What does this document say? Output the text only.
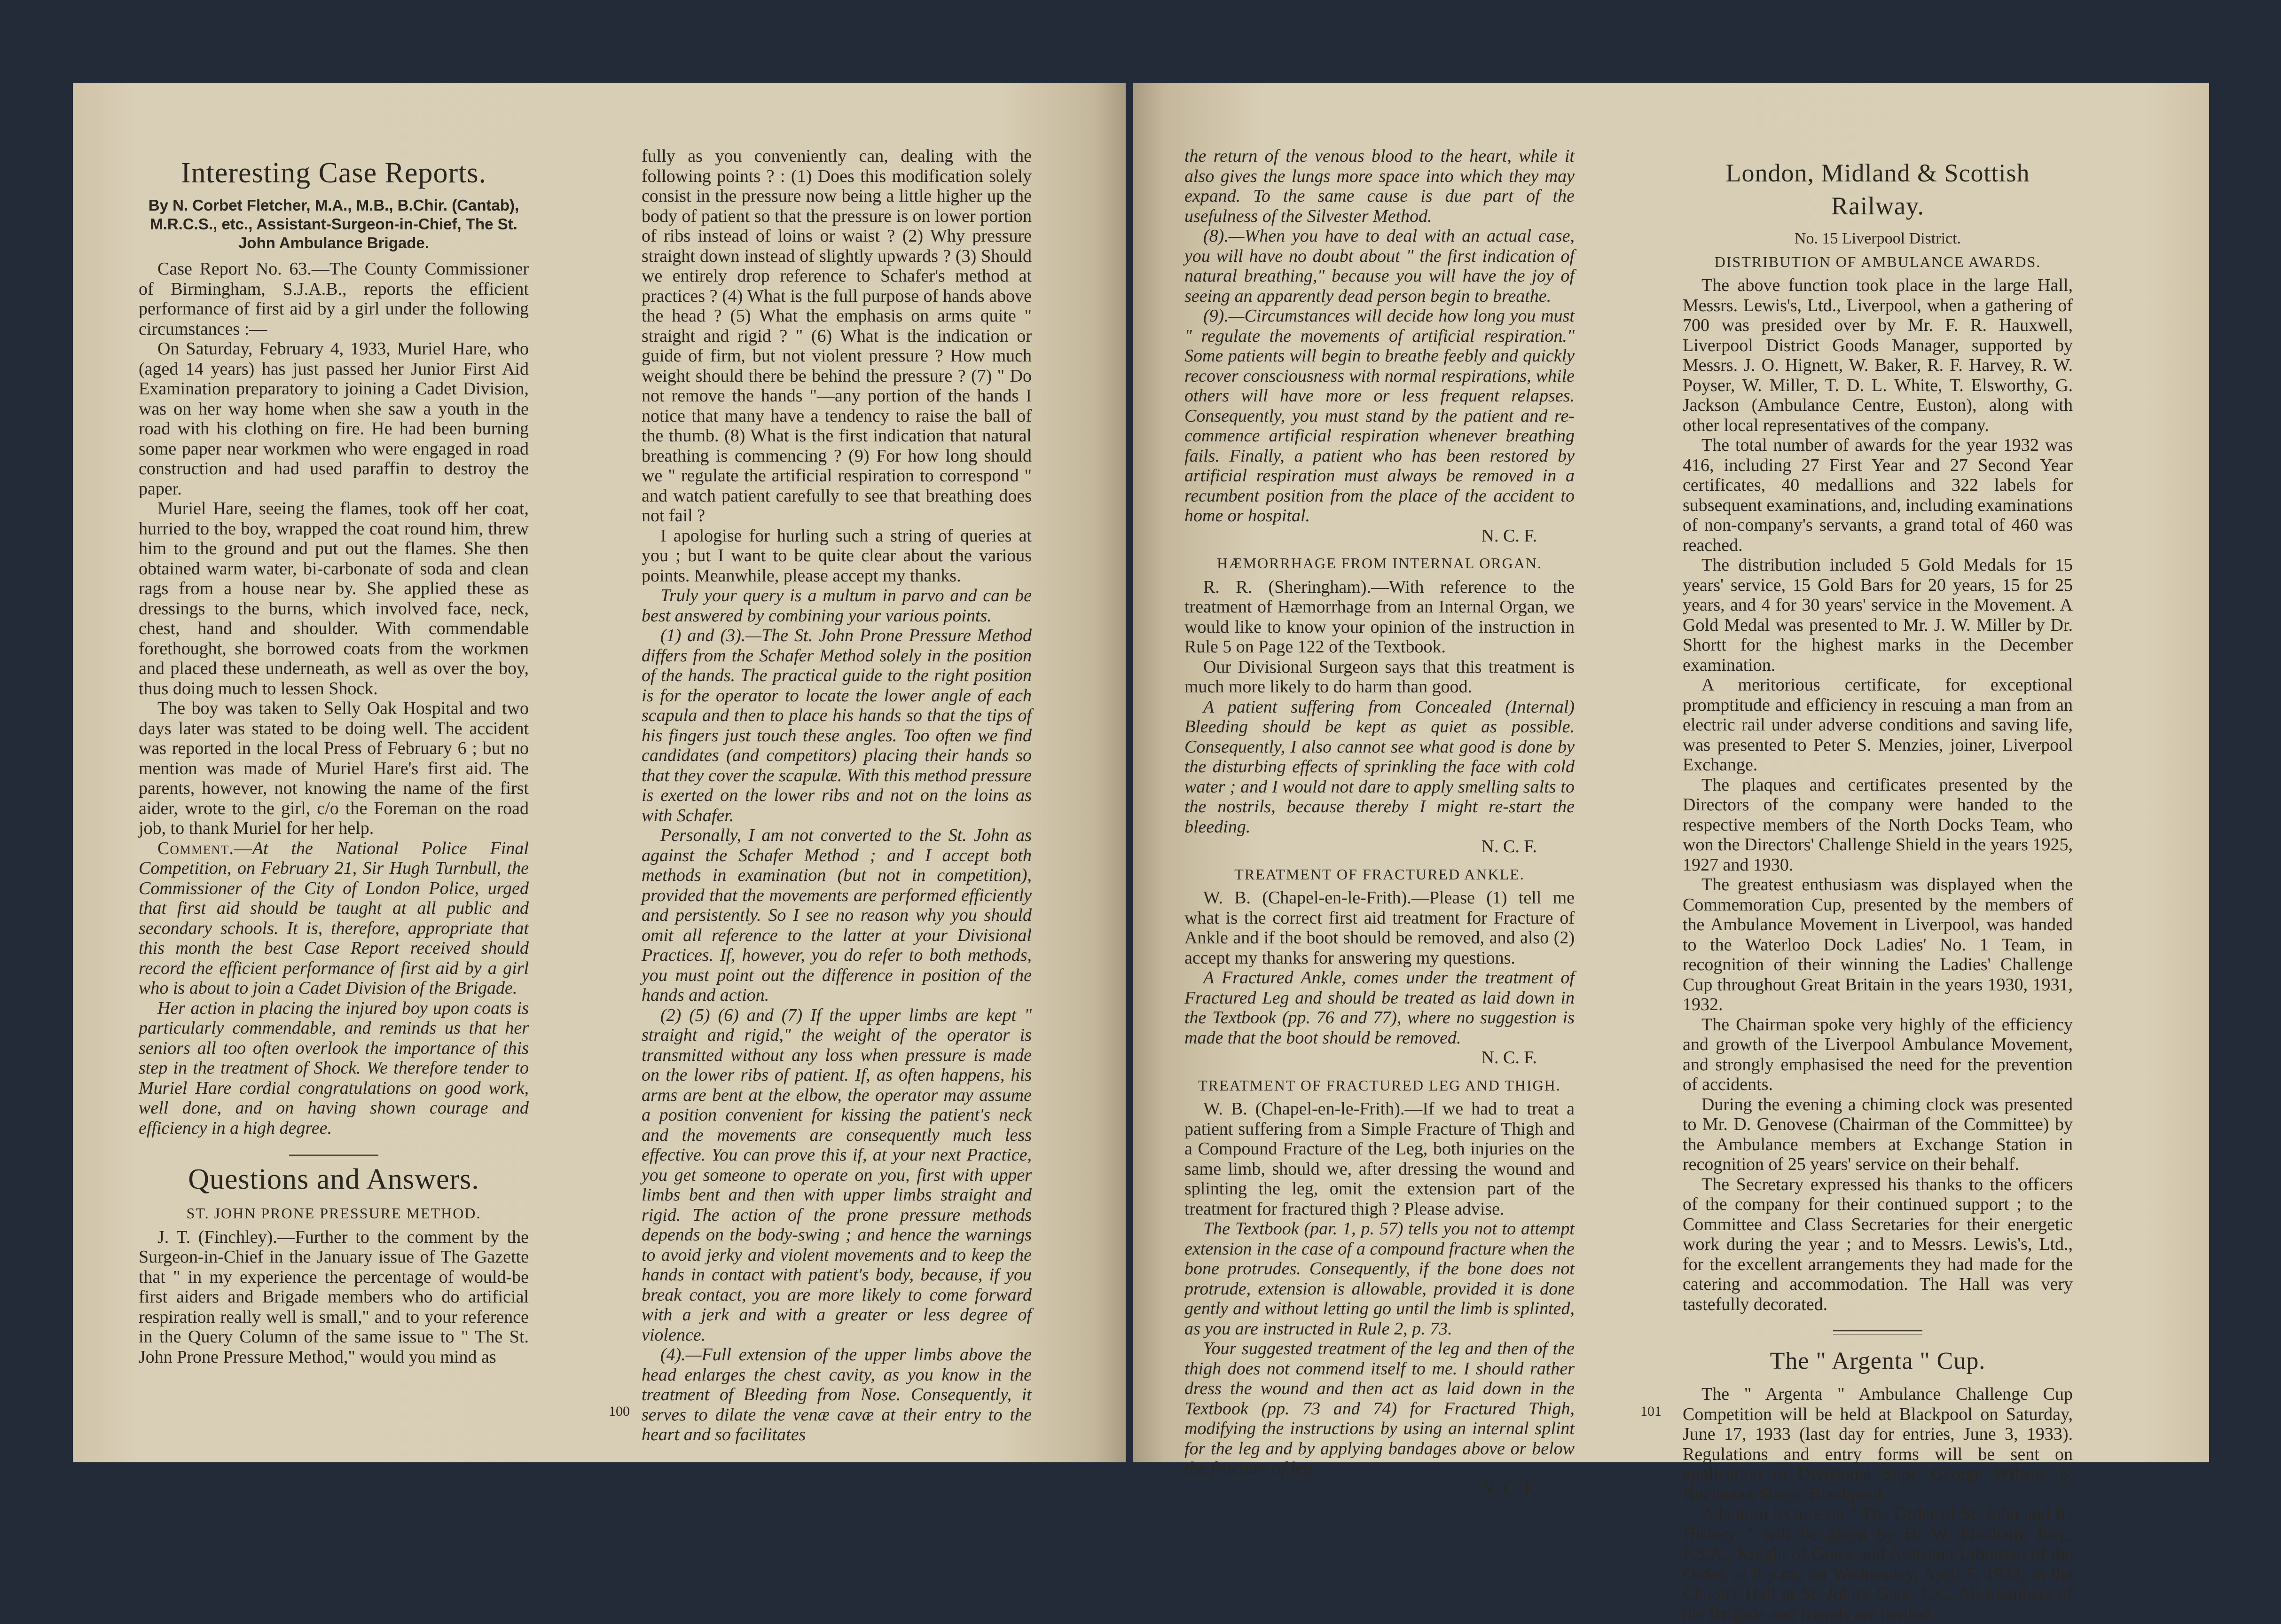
Interesting Case Reports.
By N. Corbet Fletcher, M.A., M.B., B.Chir. (Cantab), M.R.C.S., etc., Assistant-Surgeon-in-Chief, The St. John Ambulance Brigade.

Case Report No. 63.—The County Commissioner of Birmingham, S.J.A.B., reports the efficient performance of first aid by a girl under the following circumstances :—

On Saturday, February 4, 1933, Muriel Hare, who (aged 14 years) has just passed her Junior First Aid Examination preparatory to joining a Cadet Division, was on her way home when she saw a youth in the road with his clothing on fire. He had been burning some paper near workmen who were engaged in road construction and had used paraffin to destroy the paper.

Muriel Hare, seeing the flames, took off her coat, hurried to the boy, wrapped the coat round him, threw him to the ground and put out the flames. She then obtained warm water, bi-carbonate of soda and clean rags from a house near by. She applied these as dressings to the burns, which involved face, neck, chest, hand and shoulder. With commendable forethought, she borrowed coats from the workmen and placed these underneath, as well as over the boy, thus doing much to lessen Shock.

The boy was taken to Selly Oak Hospital and two days later was stated to be doing well. The accident was reported in the local Press of February 6 ; but no mention was made of Muriel Hare's first aid. The parents, however, not knowing the name of the first aider, wrote to the girl, c/o the Foreman on the road job, to thank Muriel for her help.

Comment.—At the National Police Final Competition, on February 21, Sir Hugh Turnbull, the Commissioner of the City of London Police, urged that first aid should be taught at all public and secondary schools. It is, therefore, appropriate that this month the best Case Report received should record the efficient performance of first aid by a girl who is about to join a Cadet Division of the Brigade.

Her action in placing the injured boy upon coats is particularly commendable, and reminds us that her seniors all too often overlook the importance of this step in the treatment of Shock. We therefore tender to Muriel Hare cordial congratulations on good work, well done, and on having shown courage and efficiency in a high degree.

Questions and Answers.
ST. JOHN PRONE PRESSURE METHOD.

J. T. (Finchley).—Further to the comment by the Surgeon-in-Chief in the January issue of The Gazette that " in my experience the percentage of would-be first aiders and Brigade members who do artificial respiration really well is small," and to your reference in the Query Column of the same issue to " The St. John Prone Pressure Method," would you mind as

fully as you conveniently can, dealing with the following points ? : (1) Does this modification solely consist in the pressure now being a little higher up the body of patient so that the pressure is on lower portion of ribs instead of loins or waist ? (2) Why pressure straight down instead of slightly upwards ? (3) Should we entirely drop reference to Schafer's method at practices ? (4) What is the full purpose of hands above the head ? (5) What the emphasis on arms quite " straight and rigid ? " (6) What is the indication or guide of firm, but not violent pressure ? How much weight should there be behind the pressure ? (7) " Do not remove the hands "—any portion of the hands I notice that many have a tendency to raise the ball of the thumb. (8) What is the first indication that natural breathing is commencing ? (9) For how long should we " regulate the artificial respiration to correspond " and watch patient carefully to see that breathing does not fail ?

I apologise for hurling such a string of queries at you ; but I want to be quite clear about the various points. Meanwhile, please accept my thanks.

Truly your query is a multum in parvo and can be best answered by combining your various points.

(1) and (3).—The St. John Prone Pressure Method differs from the Schafer Method solely in the position of the hands. The practical guide to the right position is for the operator to locate the lower angle of each scapula and then to place his hands so that the tips of his fingers just touch these angles. Too often we find candidates (and competitors) placing their hands so that they cover the scapulæ. With this method pressure is exerted on the lower ribs and not on the loins as with Schafer.

Personally, I am not converted to the St. John as against the Schafer Method ; and I accept both methods in examination (but not in competition), provided that the movements are performed efficiently and persistently. So I see no reason why you should omit all reference to the latter at your Divisional Practices. If, however, you do refer to both methods, you must point out the difference in position of the hands and action.

(2) (5) (6) and (7) If the upper limbs are kept " straight and rigid," the weight of the operator is transmitted without any loss when pressure is made on the lower ribs of patient. If, as often happens, his arms are bent at the elbow, the operator may assume a position convenient for kissing the patient's neck and the movements are consequently much less effective. You can prove this if, at your next Practice, you get someone to operate on you, first with upper limbs bent and then with upper limbs straight and rigid. The action of the prone pressure methods depends on the body-swing ; and hence the warnings to avoid jerky and violent movements and to keep the hands in contact with patient's body, because, if you break contact, you are more likely to come forward with a jerk and with a greater or less degree of violence.

(4).—Full extension of the upper limbs above the head enlarges the chest cavity, as you know in the treatment of Bleeding from Nose. Consequently, it serves to dilate the venæ cavæ at their entry to the heart and so facilitates

100

the return of the venous blood to the heart, while it also gives the lungs more space into which they may expand. To the same cause is due part of the usefulness of the Silvester Method.

(8).—When you have to deal with an actual case, you will have no doubt about " the first indication of natural breathing," because you will have the joy of seeing an apparently dead person begin to breathe.

(9).—Circumstances will decide how long you must " regulate the movements of artificial respiration." Some patients will begin to breathe feebly and quickly recover consciousness with normal respirations, while others will have more or less frequent relapses. Consequently, you must stand by the patient and re-commence artificial respiration whenever breathing fails. Finally, a patient who has been restored by artificial respiration must always be removed in a recumbent position from the place of the accident to home or hospital.

N. C. F.
HÆMORRHAGE FROM INTERNAL ORGAN.

R. R. (Sheringham).—With reference to the treatment of Hæmorrhage from an Internal Organ, we would like to know your opinion of the instruction in Rule 5 on Page 122 of the Textbook.

Our Divisional Surgeon says that this treatment is much more likely to do harm than good.

A patient suffering from Concealed (Internal) Bleeding should be kept as quiet as possible. Consequently, I also cannot see what good is done by the disturbing effects of sprinkling the face with cold water ; and I would not dare to apply smelling salts to the nostrils, because thereby I might re-start the bleeding.

N. C. F.
TREATMENT OF FRACTURED ANKLE.

W. B. (Chapel-en-le-Frith).—Please (1) tell me what is the correct first aid treatment for Fracture of Ankle and if the boot should be removed, and also (2) accept my thanks for answering my questions.

A Fractured Ankle, comes under the treatment of Fractured Leg and should be treated as laid down in the Textbook (pp. 76 and 77), where no suggestion is made that the boot should be removed.

N. C. F.
TREATMENT OF FRACTURED LEG AND THIGH.

W. B. (Chapel-en-le-Frith).—If we had to treat a patient suffering from a Simple Fracture of Thigh and a Compound Fracture of the Leg, both injuries on the same limb, should we, after dressing the wound and splinting the leg, omit the extension part of the treatment for fractured thigh ? Please advise.

The Textbook (par. 1, p. 57) tells you not to attempt extension in the case of a compound fracture when the bone protrudes. Consequently, if the bone does not protrude, extension is allowable, provided it is done gently and without letting go until the limb is splinted, as you are instructed in Rule 2, p. 73.

Your suggested treatment of the leg and then of the thigh does not commend itself to me. I should rather dress the wound and then act as laid down in the Textbook (pp. 73 and 74) for Fractured Thigh, modifying the instructions by using an internal splint for the leg and by applying bandages above or below the fracture of leg.

N. C. F.
London, Midland & Scottish Railway.
No. 15 Liverpool District.
DISTRIBUTION OF AMBULANCE AWARDS.

The above function took place in the large Hall, Messrs. Lewis's, Ltd., Liverpool, when a gathering of 700 was presided over by Mr. F. R. Hauxwell, Liverpool District Goods Manager, supported by Messrs. J. O. Hignett, W. Baker, R. F. Harvey, R. W. Poyser, W. Miller, T. D. L. White, T. Elsworthy, G. Jackson (Ambulance Centre, Euston), along with other local representatives of the company.

The total number of awards for the year 1932 was 416, including 27 First Year and 27 Second Year certificates, 40 medallions and 322 labels for subsequent examinations, and, including examinations of non-company's servants, a grand total of 460 was reached.

The distribution included 5 Gold Medals for 15 years' service, 15 Gold Bars for 20 years, 15 for 25 years, and 4 for 30 years' service in the Movement. A Gold Medal was presented to Mr. J. W. Miller by Dr. Shortt for the highest marks in the December examination.

A meritorious certificate, for exceptional promptitude and efficiency in rescuing a man from an electric rail under adverse conditions and saving life, was presented to Peter S. Menzies, joiner, Liverpool Exchange.

The plaques and certificates presented by the Directors of the company were handed to the respective members of the North Docks Team, who won the Directors' Challenge Shield in the years 1925, 1927 and 1930.

The greatest enthusiasm was displayed when the Commemoration Cup, presented by the members of the Ambulance Movement in Liverpool, was handed to the Waterloo Dock Ladies' No. 1 Team, in recognition of their winning the Ladies' Challenge Cup throughout Great Britain in the years 1930, 1931, 1932.

The Chairman spoke very highly of the efficiency and growth of the Liverpool Ambulance Movement, and strongly emphasised the need for the prevention of accidents.

During the evening a chiming clock was presented to Mr. D. Genovese (Chairman of the Committee) by the Ambulance members at Exchange Station in recognition of 25 years' service on their behalf.

The Secretary expressed his thanks to the officers of the company for their continued support ; to the Committee and Class Secretaries for their energetic work during the year ; and to Messrs. Lewis's, Ltd., for the excellent arrangements they had made for the catering and accommodation. The Hall was very tastefully decorated.

The " Argenta " Cup.

The " Argenta " Ambulance Challenge Cup Competition will be held at Blackpool on Saturday, June 17, 1933 (last day for entries, June 3, 1933). Regulations and entry forms will be sent on application to Divisional Supt. George Wilson, 6, Buchanan Street, Blackpool.

A lantern lecture on " The Order of St. John and Its History " will be given by H. W. Fincham, Esq., F.S.A., Knight of Grace and Assistant Librarian of the Order, at 8 p.m., on Wednesday, April 5, 1933, in the Chapter Hall at St. John's Gate, E.C. All members of the Brigade and friends are invited.

101
